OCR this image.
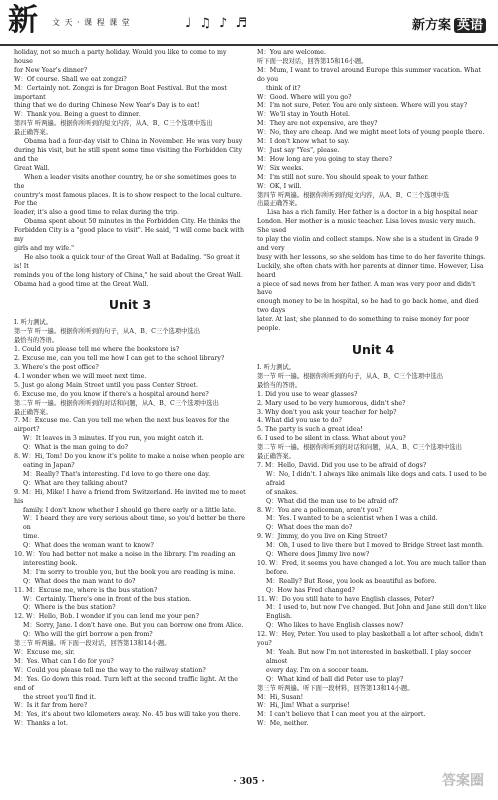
新 文 天 · 课 程 课 堂	♩ ♫ ♪ ♬	新方案 英语

holiday, not so much a party holiday. Would you like to come to my house

for New Year's dinner?

W：Of course. Shall we eat zongzi?

M：Certainly not. Zongzi is for Dragon Boat Festival. But the most important

thing that we do during Chinese New Year's Day is to eat!

W：Thank you. Being a guest to dinner.

第四节 听两遍。根据你所听到的短文内容，从A、B、C三个选项中选出

最正确答案。

Obama had a four-day visit to China in November. He was very busy

during his visit, but he still spent some time visiting the Forbidden City and the

Great Wall.

When a leader visits another country, he or she sometimes goes to the

country's most famous places. It is to show respect to the local culture. For the

leader, it's also a good time to relax during the trip.

Obama spent about 50 minutes in the Forbidden City. He thinks the

Forbidden City is a "good place to visit". He said, "I will come back with my

girls and my wife."

He also took a quick tour of the Great Wall at Badaling. "So great it is! It

reminds you of the long history of China," he said about the Great Wall.

Obama had a good time at the Great Wall.

Unit 3

Ⅰ. 听力测试。

第一节 听一遍。根据你所听到的句子，从A、B、C三个选项中选出

最恰当的答语。

1. Could you please tell me where the bookstore is?

2. Excuse me, can you tell me how I can get to the school library?

3. Where's the post office?

4. I wonder when we will meet next time.

5. Just go along Main Street until you pass Center Street.

6. Excuse me, do you know if there's a hospital around here?

第二节 听一遍。根据你所听到的对话和问题，从A、B、C三个选项中选出

最正确答案。

7. M：Excuse me. Can you tell me when the next bus leaves for the airport?

W：It leaves in 3 minutes. If you run, you might catch it.

Q：What is the man going to do?

8. W：Hi, Tom! Do you know it's polite to make a noise when people are

eating in Japan?

M：Really? That's interesting. I'd love to go there one day.

Q：What are they talking about?

9. M：Hi, Mike! I have a friend from Switzerland. He invited me to meet his

family. I don't know whether I should go there early or a little late.

W：I heard they are very serious about time, so you'd better be there on

time.

Q：What does the woman want to know?

10. W：You had better not make a noise in the library. I'm reading an

interesting book.

M：I'm sorry to trouble you, but the book you are reading is mine.

Q：What does the man want to do?

11. M：Excuse me, where is the bus station?

W：Certainly. There's one in front of the bus station.

Q：Where is the bus station?

12. W：Hello, Bob. I wonder if you can lend me your pen?

M：Sorry, Jane. I don't have one. But you can borrow one from Alice.

Q：Who will the girl borrow a pen from?

第三节 听两遍。听下面一段对话，回答第13和14小题。

W：Excuse me, sir.

M：Yes. What can I do for you?

W：Could you please tell me the way to the railway station?

M：Yes. Go down this road. Turn left at the second traffic light. At the end of

the street you'll find it.

W：Is it far from here?

M：Yes, it's about two kilometers away. No. 45 bus will take you there.

W：Thanks a lot.

M：You are welcome.

听下面一段对话，回答第15和16小题。

M：Mum, I want to travel around Europe this summer vacation. What do you

think of it?

W：Good. Where will you go?

M：I'm not sure, Peter. You are only sixteen. Where will you stay?

W：We'll stay in Youth Hotel.

M：They are not expensive, are they?

W：No, they are cheap. And we might meet lots of young people there.

M：I don't know what to say.

W：Just say "Yes", please.

M：How long are you going to stay there?

W：Six weeks.

M：I'm still not sure. You should speak to your father.

W：OK, I will.

第四节 听两遍。根据你所听到的短文内容，从A、B、C三个选项中选

出最正确答案。

Lisa has a rich family. Her father is a doctor in a big hospital near

London. Her mother is a music teacher. Lisa loves music very much. She used

to play the violin and collect stamps. Now she is a student in Grade 9 and very

busy with her lessons, so she seldom has time to do her favorite things.

Luckily, she often chats with her parents at dinner time. However, Lisa heard

a piece of sad news from her father. A man was very poor and didn't have

enough money to be in hospital, so he had to go back home, and died two days

later. At last, she planned to do something to raise money for poor people.

Unit 4

Ⅰ. 听力测试。

第一节 听一遍。根据你所听到的句子，从A、B、C三个选项中选出

最恰当的答语。

1. Did you use to wear glasses?

2. Mary used to be very humorous, didn't she?

3. Why don't you ask your teacher for help?

4. What did you use to do?

5. The party is such a great idea!

6. I used to be silent in class. What about you?

第二节 听一遍。根据你所听到的对话和问题，从A、B、C三个选项中选出

最正确答案。

7. M：Hello, David. Did you use to be afraid of dogs?

W：No, I didn't. I always like animals like dogs and cats. I used to be afraid

of snakes.

Q：What did the man use to be afraid of?

8. W：You are a policeman, aren't you?

M：Yes. I wanted to be a scientist when I was a child.

Q：What does the man do?

9. W：Jimmy, do you live on King Street?

M：Oh, I used to live there but I moved to Bridge Street last month.

Q：Where does Jimmy live now?

10. W：Fred, it seems you have changed a lot. You are much taller than

before.

M：Really? But Rose, you look as beautiful as before.

Q：How has Fred changed?

11. W：Do you still hate to have English classes, Peter?

M：I used to, but now I've changed. But John and Jane still don't like

English.

Q：Who likes to have English classes now?

12. W：Hey, Peter. You used to play basketball a lot after school, didn't you?

M：Yeah. But now I'm not interested in basketball. I play soccer almost

every day. I'm on a soccer team.

Q：What kind of ball did Peter use to play?

第三节 听两遍。听下面一段材料，回答第13和14小题。

M：Hi, Susan!

W：Hi, Jim! What a surprise!

M：I can't believe that I can meet you at the airport.

W：Me, neither.

· 305 ·	答案圈
